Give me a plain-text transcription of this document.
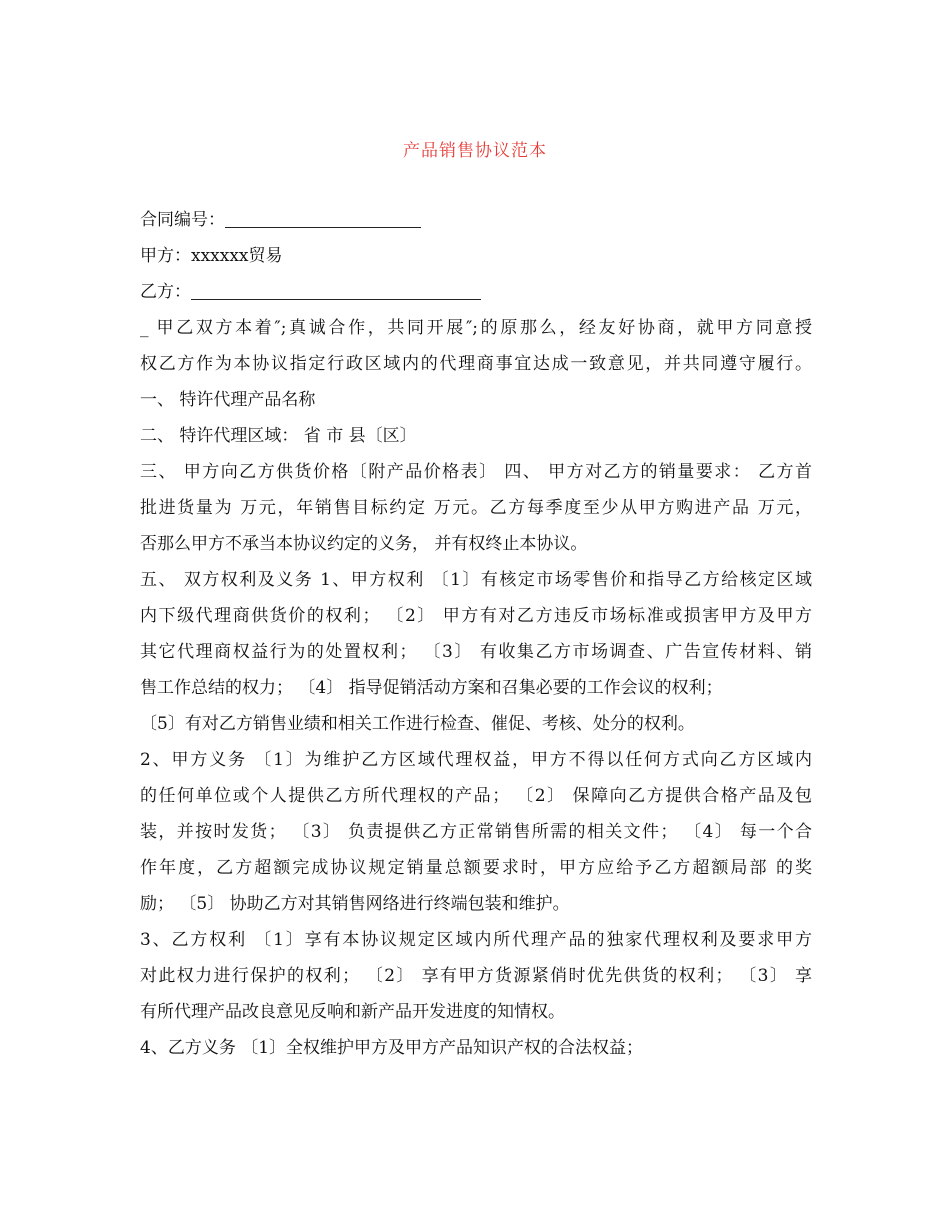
产品销售协议范本
合同编号：
甲方：xxxxxx贸易
乙方：
_ 甲乙双方本着″;真诚合作，共同开展″;的原那么，经友好协商，就甲方同意授
权乙方作为本协议指定行政区域内的代理商事宜达成一致意见，并共同遵守履行。
一、 特许代理产品名称
二、 特许代理区域： 省 市 县〔区〕
三、 甲方向乙方供货价格〔附产品价格表〕 四、 甲方对乙方的销量要求： 乙方首
批进货量为 万元，年销售目标约定 万元。乙方每季度至少从甲方购进产品 万元，
否那么甲方不承当本协议约定的义务， 并有权终止本协议。
五、 双方权利及义务 1、甲方权利 〔1〕有核定市场零售价和指导乙方给核定区域
内下级代理商供货价的权利； 〔2〕 甲方有对乙方违反市场标准或损害甲方及甲方
其它代理商权益行为的处置权利； 〔3〕 有收集乙方市场调查、广告宣传材料、销
售工作总结的权力； 〔4〕 指导促销活动方案和召集必要的工作会议的权利；
〔5〕有对乙方销售业绩和相关工作进行检查、催促、考核、处分的权利。
2、甲方义务 〔1〕为维护乙方区域代理权益，甲方不得以任何方式向乙方区域内
的任何单位或个人提供乙方所代理权的产品； 〔2〕 保障向乙方提供合格产品及包
装，并按时发货； 〔3〕 负责提供乙方正常销售所需的相关文件； 〔4〕 每一个合
作年度，乙方超额完成协议规定销量总额要求时，甲方应给予乙方超额局部 的奖
励； 〔5〕 协助乙方对其销售网络进行终端包装和维护。
3、乙方权利 〔1〕享有本协议规定区域内所代理产品的独家代理权利及要求甲方
对此权力进行保护的权利； 〔2〕 享有甲方货源紧俏时优先供货的权利； 〔3〕 享
有所代理产品改良意见反响和新产品开发进度的知情权。
4、乙方义务 〔1〕全权维护甲方及甲方产品知识产权的合法权益；
